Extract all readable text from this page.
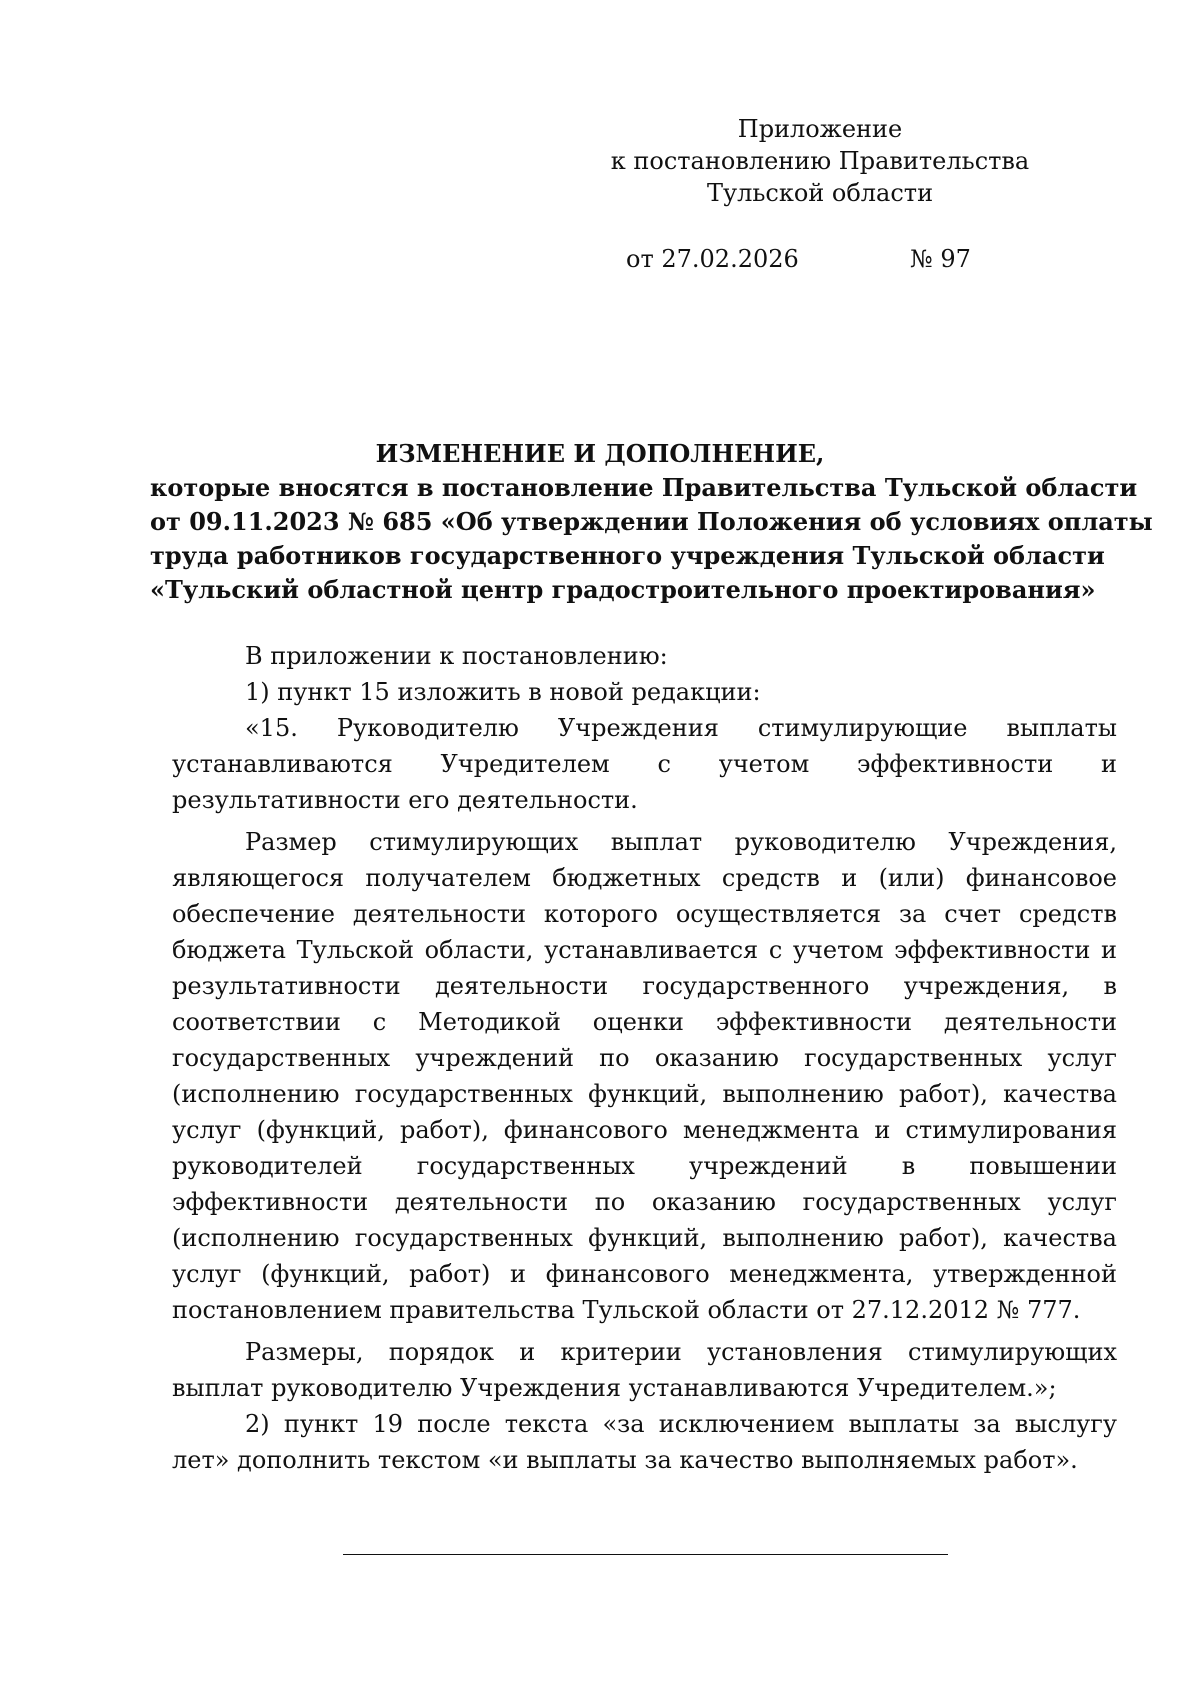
Приложение
к постановлению Правительства
Тульской области
от 27.02.2026	№ 97
ИЗМЕНЕНИЕ И ДОПОЛНЕНИЕ,
которые вносятся в постановление Правительства Тульской области
от 09.11.2023 № 685 «Об утверждении Положения об условиях оплаты
труда работников государственного учреждения Тульской области
«Тульский областной центр градостроительного проектирования»

В приложении к постановлению:

1) пункт 15 изложить в новой редакции:

«15. Руководителю Учреждения стимулирующие выплаты устанавливаются Учредителем с учетом эффективности и результативности его деятельности.

Размер стимулирующих выплат руководителю Учреждения, являющегося получателем бюджетных средств и (или) финансовое обеспечение деятельности которого осуществляется за счет средств бюджета Тульской области, устанавливается с учетом эффективности и результативности деятельности государственного учреждения, в соответствии с Методикой оценки эффективности деятельности государственных учреждений по оказанию государственных услуг (исполнению государственных функций, выполнению работ), качества услуг (функций, работ), финансового менеджмента и стимулирования руководителей государственных учреждений в повышении эффективности деятельности по оказанию государственных услуг (исполнению государственных функций, выполнению работ), качества услуг (функций, работ) и финансового менеджмента, утвержденной постановлением правительства Тульской области от 27.12.2012 № 777.

Размеры, порядок и критерии установления стимулирующих выплат руководителю Учреждения устанавливаются Учредителем.»;

2) пункт 19 после текста «за исключением выплаты за выслугу лет» дополнить текстом «и выплаты за качество выполняемых работ».
